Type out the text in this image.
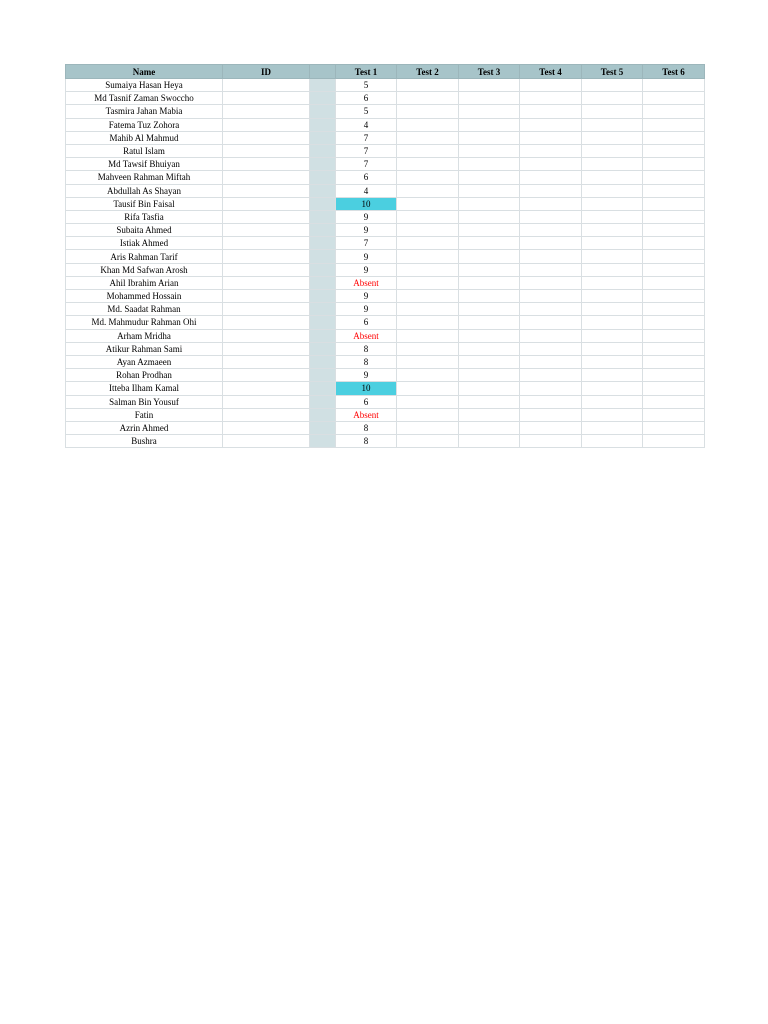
Name	ID		Test 1	Test 2	Test 3	Test 4	Test 5	Test 6
Sumaiya Hasan Heya			5					
Md Tasnif Zaman Swoccho			6					
Tasmira Jahan Mabia			5					
Fatema Tuz Zohora			4					
Mahib Al Mahmud			7					
Ratul Islam			7					
Md Tawsif Bhuiyan			7					
Mahveen Rahman Miftah			6					
Abdullah As Shayan			4					
Tausif Bin Faisal			10					
Rifa Tasfia			9					
Subaita Ahmed			9					
Istiak Ahmed			7					
Aris Rahman Tarif			9					
Khan Md Safwan Arosh			9					
Ahil Ibrahim Arian			Absent					
Mohammed Hossain			9					
Md. Saadat Rahman			9					
Md. Mahmudur Rahman Ohi			6					
Arham Mridha			Absent					
Atikur Rahman Sami			8					
Ayan Azmaeen			8					
Rohan Prodhan			9					
Itteba Ilham Kamal			10					
Salman Bin Yousuf			6					
Fatin			Absent					
Azrin Ahmed			8					
Bushra			8					
